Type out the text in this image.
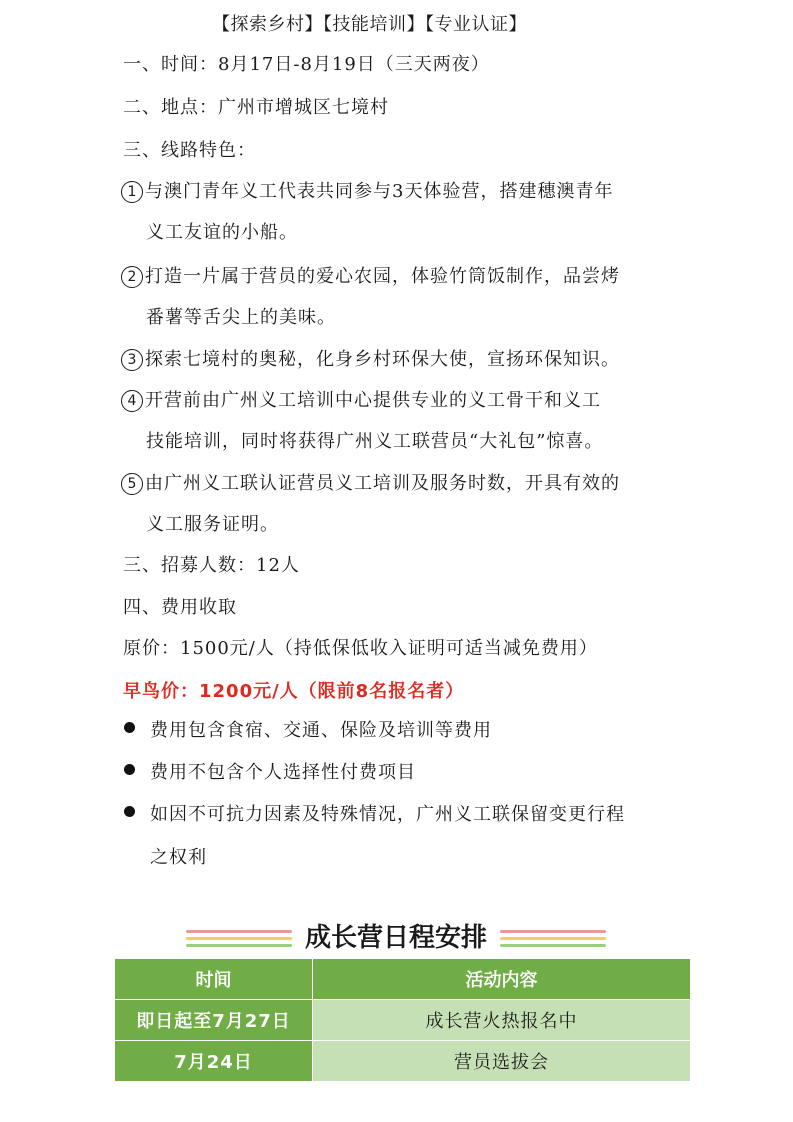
【探索乡村】【技能培训】【专业认证】
一、时间：8月17日-8月19日（三天两夜）
二、地点：广州市增城区七境村
三、线路特色：
1 与澳门青年义工代表共同参与3天体验营，搭建穗澳青年
义工友谊的小船。
2 打造一片属于营员的爱心农园，体验竹筒饭制作，品尝烤
番薯等舌尖上的美味。
3 探索七境村的奥秘，化身乡村环保大使，宣扬环保知识。
4 开营前由广州义工培训中心提供专业的义工骨干和义工
技能培训，同时将获得广州义工联营员“大礼包”惊喜。
5 由广州义工联认证营员义工培训及服务时数，开具有效的
义工服务证明。
三、招募人数：12人
四、费用收取
原价：1500元/人（持低保低收入证明可适当减免费用）
早鸟价：1200元/人（限前8名报名者）
费用包含食宿、交通、保险及培训等费用
费用不包含个人选择性付费项目
如因不可抗力因素及特殊情况，广州义工联保留变更行程
之权利
成长营日程安排
时间	活动内容
即日起至7月27日	成长营火热报名中
7月24日	营员选拔会
